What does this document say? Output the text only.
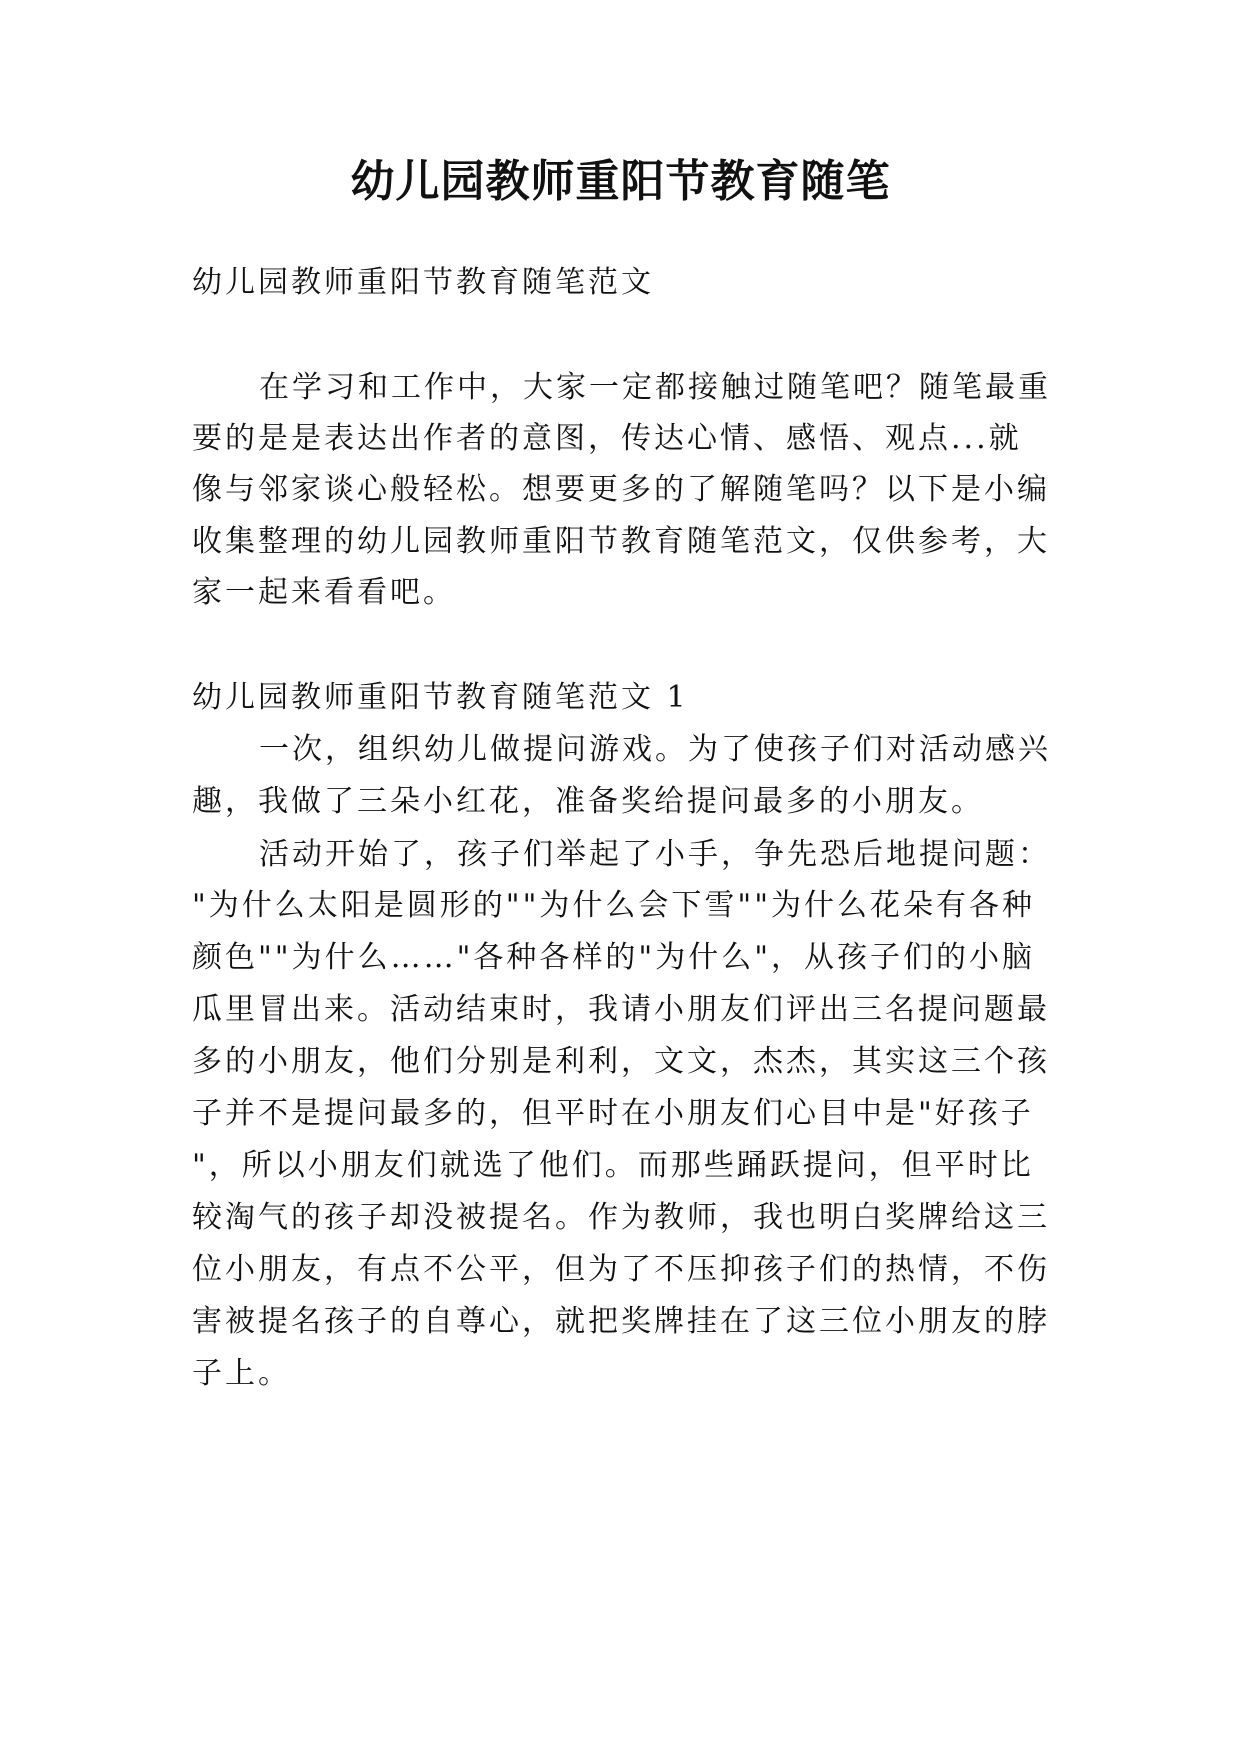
幼儿园教师重阳节教育随笔

幼儿园教师重阳节教育随笔范文

在学习和工作中，大家一定都接触过随笔吧？随笔最重

要的是是表达出作者的意图，传达心情、感悟、观点...就

像与邻家谈心般轻松。想要更多的了解随笔吗？以下是小编

收集整理的幼儿园教师重阳节教育随笔范文，仅供参考，大

家一起来看看吧。

幼儿园教师重阳节教育随笔范文 1

一次，组织幼儿做提问游戏。为了使孩子们对活动感兴

趣，我做了三朵小红花，准备奖给提问最多的小朋友。

活动开始了，孩子们举起了小手，争先恐后地提问题：

"为什么太阳是圆形的""为什么会下雪""为什么花朵有各种

颜色""为什么……"各种各样的"为什么"，从孩子们的小脑

瓜里冒出来。活动结束时，我请小朋友们评出三名提问题最

多的小朋友，他们分别是利利，文文，杰杰，其实这三个孩

子并不是提问最多的，但平时在小朋友们心目中是"好孩子

"，所以小朋友们就选了他们。而那些踊跃提问，但平时比

较淘气的孩子却没被提名。作为教师，我也明白奖牌给这三

位小朋友，有点不公平，但为了不压抑孩子们的热情，不伤

害被提名孩子的自尊心，就把奖牌挂在了这三位小朋友的脖

子上。
